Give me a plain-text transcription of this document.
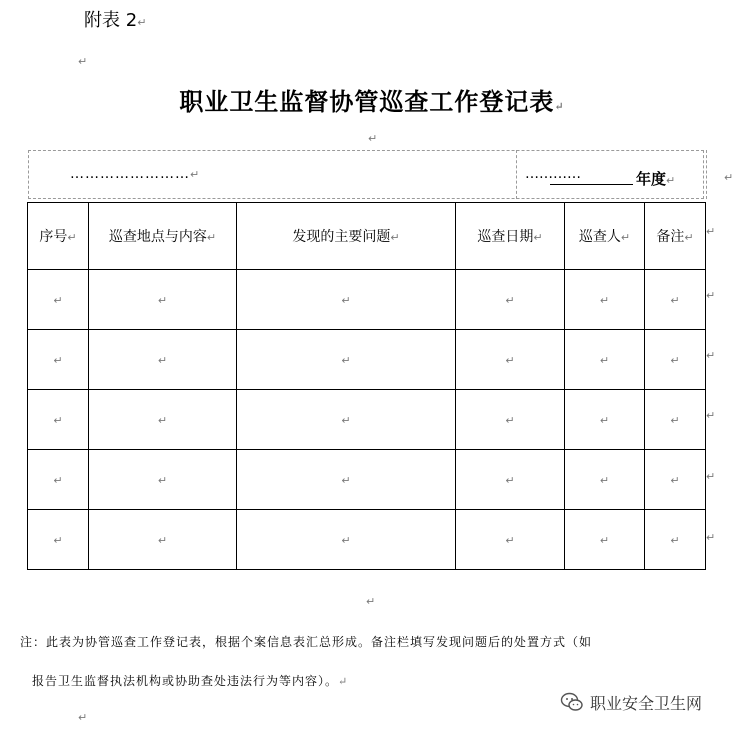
附表 2↵
↵
职业卫生监督协管巡查工作登记表↵
↵
……………………↵	…………	年度↵	↵
序号↵	巡查地点与内容↵	发现的主要问题↵	巡查日期↵	巡查人↵	备注↵
↵	↵	↵	↵	↵	↵
↵	↵	↵	↵	↵	↵
↵	↵	↵	↵	↵	↵
↵	↵	↵	↵	↵	↵
↵	↵	↵	↵	↵	↵
↵
↵
↵
↵
↵
↵
↵
注：此表为协管巡查工作登记表，根据个案信息表汇总形成。备注栏填写发现问题后的处置方式（如
报告卫生监督执法机构或协助查处违法行为等内容）。↵
↵
职业安全卫生网
